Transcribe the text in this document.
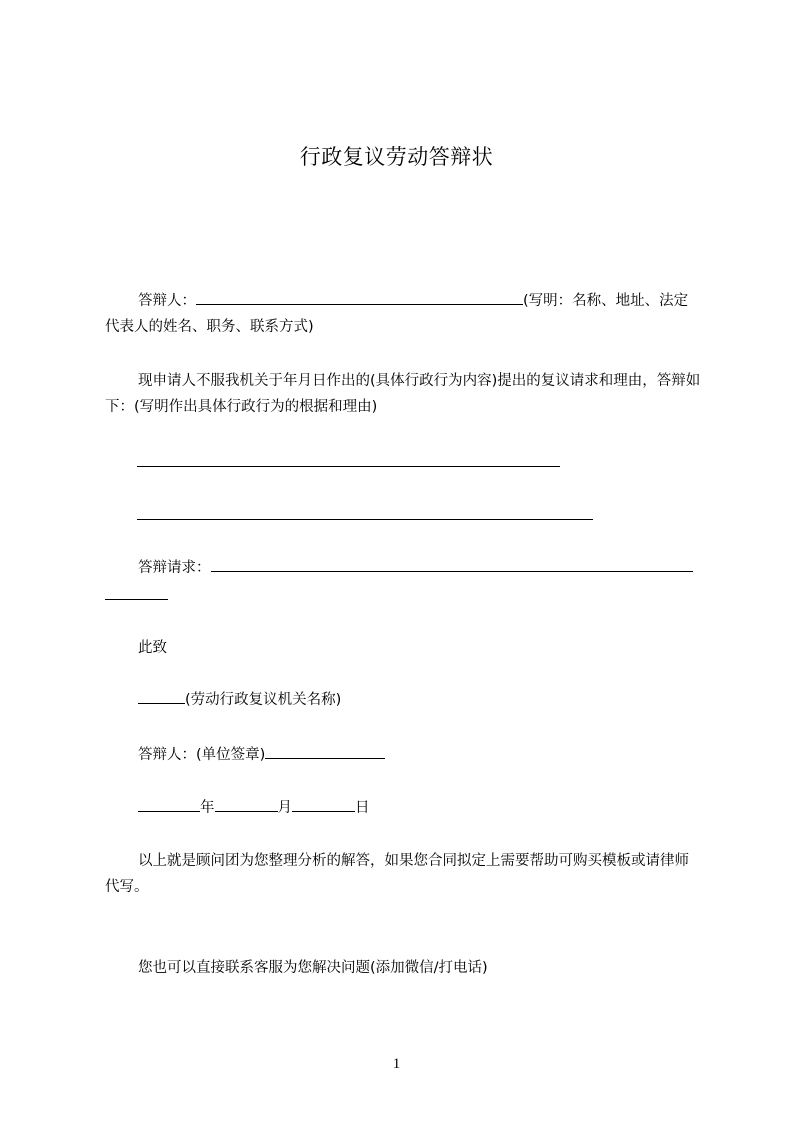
行政复议劳动答辩状
答辩人：	(写明：名称、地址、法定代表人的姓名、职务、联系方式)
现申请人不服我机关于年月日作出的(具体行政行为内容)提出的复议请求和理由，答辩如下：(写明作出具体行政行为的根据和理由)
答辩请求：
此致
(劳动行政复议机关名称)
答辩人：(单位签章)
年	月	日
以上就是顾问团为您整理分析的解答，如果您合同拟定上需要帮助可购买模板或请律师代写。
您也可以直接联系客服为您解决问题(添加微信/打电话)
1
